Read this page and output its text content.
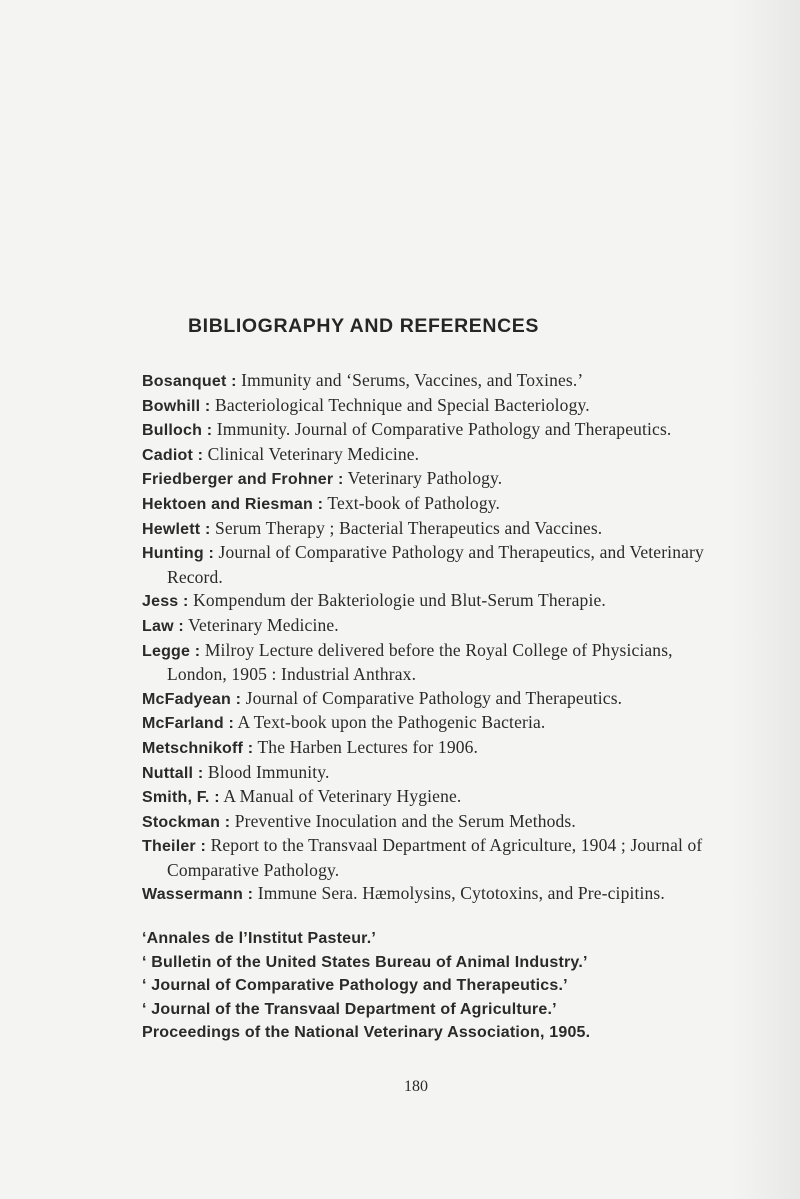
BIBLIOGRAPHY AND REFERENCES
Bosanquet : Immunity and ‘Serums, Vaccines, and Toxines.’
Bowhill : Bacteriological Technique and Special Bacteriology.
Bulloch : Immunity. Journal of Comparative Pathology and Therapeutics.
Cadiot : Clinical Veterinary Medicine.
Friedberger and Frohner : Veterinary Pathology.
Hektoen and Riesman : Text-book of Pathology.
Hewlett : Serum Therapy ; Bacterial Therapeutics and Vaccines.
Hunting : Journal of Comparative Pathology and Therapeutics, and Veterinary Record.
Jess : Kompendum der Bakteriologie und Blut-Serum Therapie.
Law : Veterinary Medicine.
Legge : Milroy Lecture delivered before the Royal College of Physicians, London, 1905 : Industrial Anthrax.
McFadyean : Journal of Comparative Pathology and Therapeutics.
McFarland : A Text-book upon the Pathogenic Bacteria.
Metschnikoff : The Harben Lectures for 1906.
Nuttall : Blood Immunity.
Smith, F. : A Manual of Veterinary Hygiene.
Stockman : Preventive Inoculation and the Serum Methods.
Theiler : Report to the Transvaal Department of Agriculture, 1904 ; Journal of Comparative Pathology.
Wassermann : Immune Sera. Hæmolysins, Cytotoxins, and Pre-cipitins.
‘Annales de l’Institut Pasteur.’
‘ Bulletin of the United States Bureau of Animal Industry.’
‘ Journal of Comparative Pathology and Therapeutics.’
‘ Journal of the Transvaal Department of Agriculture.’
Proceedings of the National Veterinary Association, 1905.
180
